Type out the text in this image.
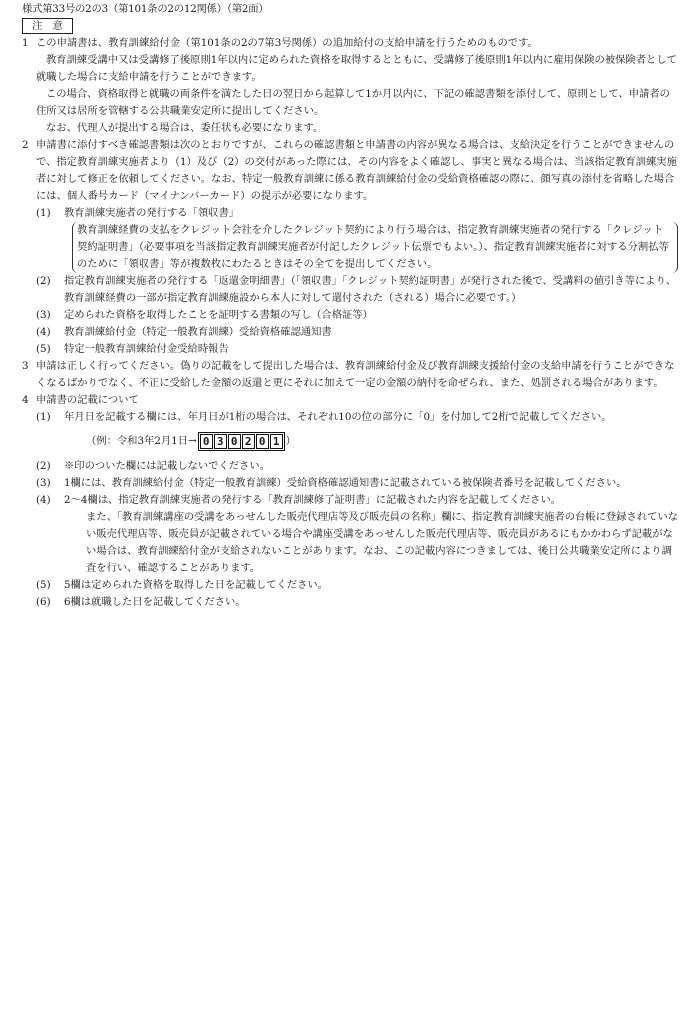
様式第33号の2の3（第101条の2の12関係）（第2面）
注　意

1 この申請書は、教育訓練給付金（第101条の2の7第3号関係）の追加給付の支給申請を行うためのものです。

教育訓練受講中又は受講修了後原則1年以内に定められた資格を取得するとともに、受講修了後原則1年以内に雇用保険の被保険者として就職した場合に支給申請を行うことができます。

この場合、資格取得と就職の両条件を満たした日の翌日から起算して1か月以内に、下記の確認書類を添付して、原則として、申請者の住所又は居所を管轄する公共職業安定所に提出してください。

なお、代理人が提出する場合は、委任状も必要になります。

2 申請書に添付すべき確認書類は次のとおりですが、これらの確認書類と申請書の内容が異なる場合は、支給決定を行うことができませんので、指定教育訓練実施者より（1）及び（2）の交付があった際には、その内容をよく確認し、事実と異なる場合は、当該指定教育訓練実施者に対して修正を依頼してください。なお、特定一般教育訓練に係る教育訓練給付金の受給資格確認の際に、顔写真の添付を省略した場合には、個人番号カード（マイナンバーカード）の提示が必要になります。

(1)	教育訓練実施者の発行する「領収書」
教育訓練経費の支払をクレジット会社を介したクレジット契約により行う場合は、指定教育訓練実施者の発行する「クレジット契約証明書」（必要事項を当該指定教育訓練実施者が付記したクレジット伝票でもよい。）、指定教育訓練実施者に対する分割払等のために「領収書」等が複数枚にわたるときはその全てを提出してください。
(2)	指定教育訓練実施者の発行する「返還金明細書」（「領収書」「クレジット契約証明書」が発行された後で、受講料の値引き等により、教育訓練経費の一部が指定教育訓練施設から本人に対して還付された（される）場合に必要です。）
(3)	定められた資格を取得したことを証明する書類の写し（合格証等）
(4)	教育訓練給付金（特定一般教育訓練）受給資格確認通知書
(5)	特定一般教育訓練給付金受給時報告

3 申請は正しく行ってください。偽りの記載をして提出した場合は、教育訓練給付金及び教育訓練支援給付金の支給申請を行うことができなくなるばかりでなく、不正に受給した金額の返還と更にそれに加えて一定の金額の納付を命ぜられ、また、処罰される場合があります。

4 申請書の記載について

(1)	年月日を記載する欄には、年月日が1桁の場合は、それぞれ10の位の部分に「0」を付加して2桁で記載してください。
（例：令和3年2月1日→ 0 3 0 2 0 1 ）
(2)	※印のついた欄には記載しないでください。
(3)	1欄には、教育訓練給付金（特定一般教育訓練）受給資格確認通知書に記載されている被保険者番号を記載してください。
(4)	2～4欄は、指定教育訓練実施者の発行する「教育訓練修了証明書」に記載された内容を記載してください。

また、「教育訓練講座の受講をあっせんした販売代理店等及び販売員の名称」欄に、指定教育訓練実施者の台帳に登録されていない販売代理店等、販売員が記載されている場合や講座受講をあっせんした販売代理店等、販売員があるにもかかわらず記載がない場合は、教育訓練給付金が支給されないことがあります。なお、この記載内容につきましては、後日公共職業安定所により調査を行い、確認することがあります。

(5)	5欄は定められた資格を取得した日を記載してください。
(6)	6欄は就職した日を記載してください。
